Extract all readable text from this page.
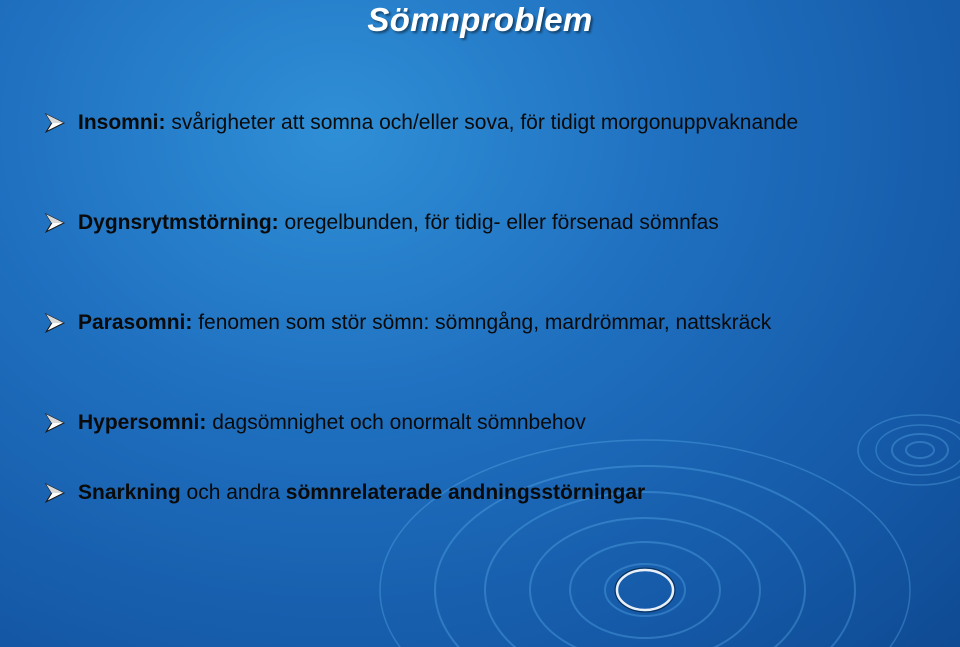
Sömnproblem
Insomni: svårigheter att somna och/eller sova, för tidigt morgonuppvaknande
Dygnsrytmstörning: oregelbunden, för tidig- eller försenad sömnfas
Parasomni: fenomen som stör sömn: sömngång, mardrömmar, nattskräck
Hypersomni: dagsömnighet och onormalt sömnbehov
Snarkning och andra sömnrelaterade andningsstörningar
